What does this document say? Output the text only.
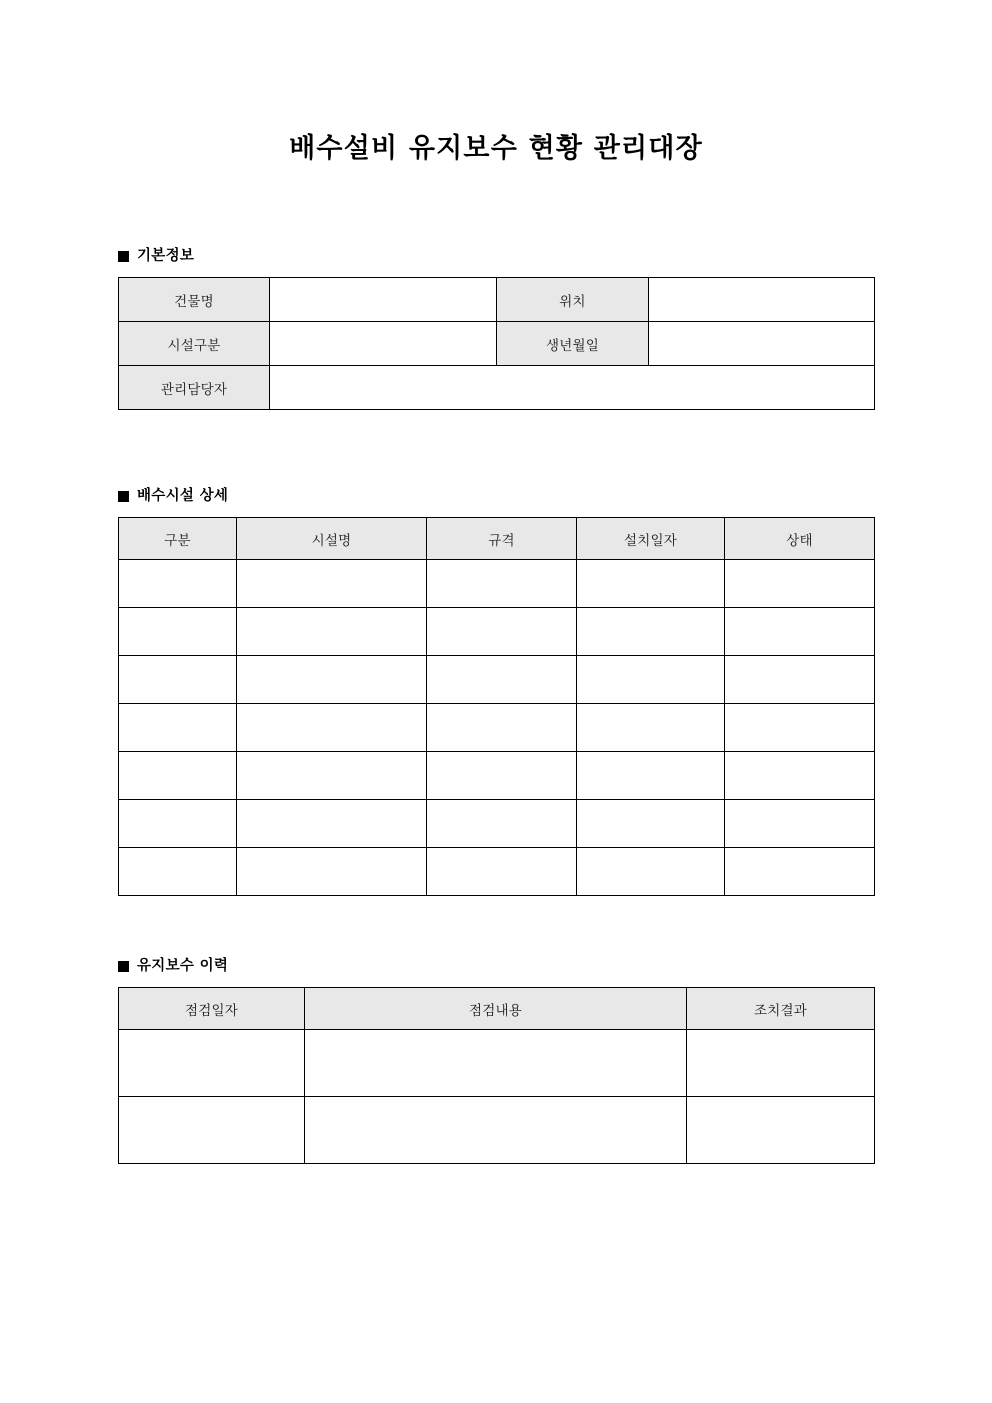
배수설비 유지보수 현황 관리대장
기본정보
건물명		위치	
시설구분		생년월일	
관리담당자			
배수시설 상세
구분	시설명	규격	설치일자	상태

유지보수 이력
점검일자	점검내용	조치결과
